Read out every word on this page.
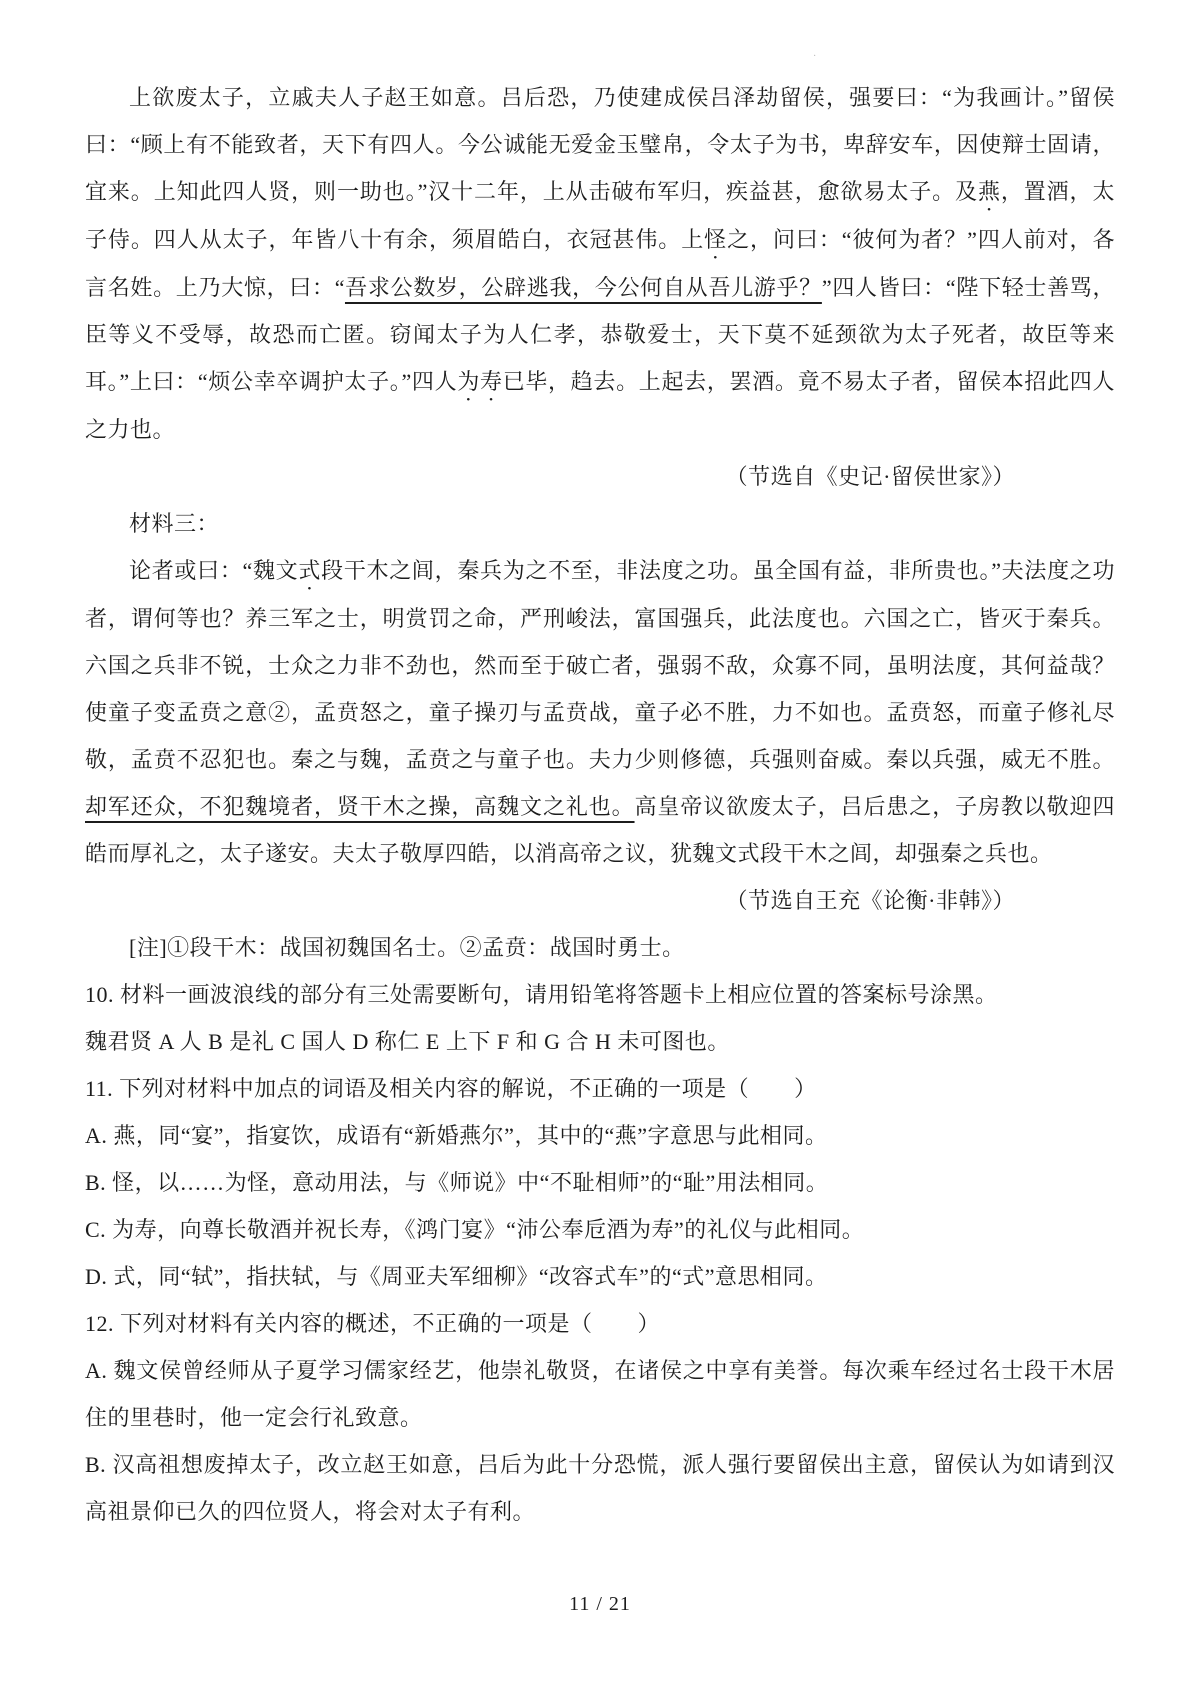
·

上欲废太子，立戚夫人子赵王如意。吕后恐，乃使建成侯吕泽劫留侯，强要曰：“为我画计。”留侯曰：“顾上有不能致者，天下有四人。今公诚能无爱金玉璧帛，令太子为书，卑辞安车，因使辩士固请，宜来。上知此四人贤，则一助也。”汉十二年，上从击破布军归，疾益甚，愈欲易太子。及燕，置酒，太子侍。四人从太子，年皆八十有余，须眉皓白，衣冠甚伟。上怪之，问曰：“彼何为者？”四人前对，各言名姓。上乃大惊，曰：“吾求公数岁，公辟逃我，今公何自从吾儿游乎？”四人皆曰：“陛下轻士善骂，臣等义不受辱，故恐而亡匿。窃闻太子为人仁孝，恭敬爱士，天下莫不延颈欲为太子死者，故臣等来耳。”上曰：“烦公幸卒调护太子。”四人为寿已毕，趋去。上起去，罢酒。竟不易太子者，留侯本招此四人之力也。

（节选自《史记·留侯世家》）

材料三：

论者或曰：“魏文式段干木之闾，秦兵为之不至，非法度之功。虽全国有益，非所贵也。”夫法度之功者，谓何等也？养三军之士，明赏罚之命，严刑峻法，富国强兵，此法度也。六国之亡，皆灭于秦兵。六国之兵非不锐，士众之力非不劲也，然而至于破亡者，强弱不敌，众寡不同，虽明法度，其何益哉？使童子变孟贲之意②，孟贲怒之，童子操刃与孟贲战，童子必不胜，力不如也。孟贲怒，而童子修礼尽敬，孟贲不忍犯也。秦之与魏，孟贲之与童子也。夫力少则修德，兵强则奋威。秦以兵强，威无不胜。却军还众，不犯魏境者，贤干木之操，高魏文之礼也。高皇帝议欲废太子，吕后患之，子房教以敬迎四皓而厚礼之，太子遂安。夫太子敬厚四皓，以消高帝之议，犹魏文式段干木之闾，却强秦之兵也。

（节选自王充《论衡·非韩》）

[注]①段干木：战国初魏国名士。②孟贲：战国时勇士。

10. 材料一画波浪线的部分有三处需要断句，请用铅笔将答题卡上相应位置的答案标号涂黑。

魏君贤 A 人 B 是礼 C 国人 D 称仁 E 上下 F 和 G 合 H 未可图也。

11. 下列对材料中加点的词语及相关内容的解说，不正确的一项是（　　）

A. 燕，同“宴”，指宴饮，成语有“新婚燕尔”，其中的“燕”字意思与此相同。

B. 怪，以……为怪，意动用法，与《师说》中“不耻相师”的“耻”用法相同。

C. 为寿，向尊长敬酒并祝长寿，《鸿门宴》“沛公奉卮酒为寿”的礼仪与此相同。

D. 式，同“轼”，指扶轼，与《周亚夫军细柳》“改容式车”的“式”意思相同。

12. 下列对材料有关内容的概述，不正确的一项是（　　）

A. 魏文侯曾经师从子夏学习儒家经艺，他崇礼敬贤，在诸侯之中享有美誉。每次乘车经过名士段干木居住的里巷时，他一定会行礼致意。

B. 汉高祖想废掉太子，改立赵王如意，吕后为此十分恐慌，派人强行要留侯出主意，留侯认为如请到汉高祖景仰已久的四位贤人，将会对太子有利。

11 / 21
